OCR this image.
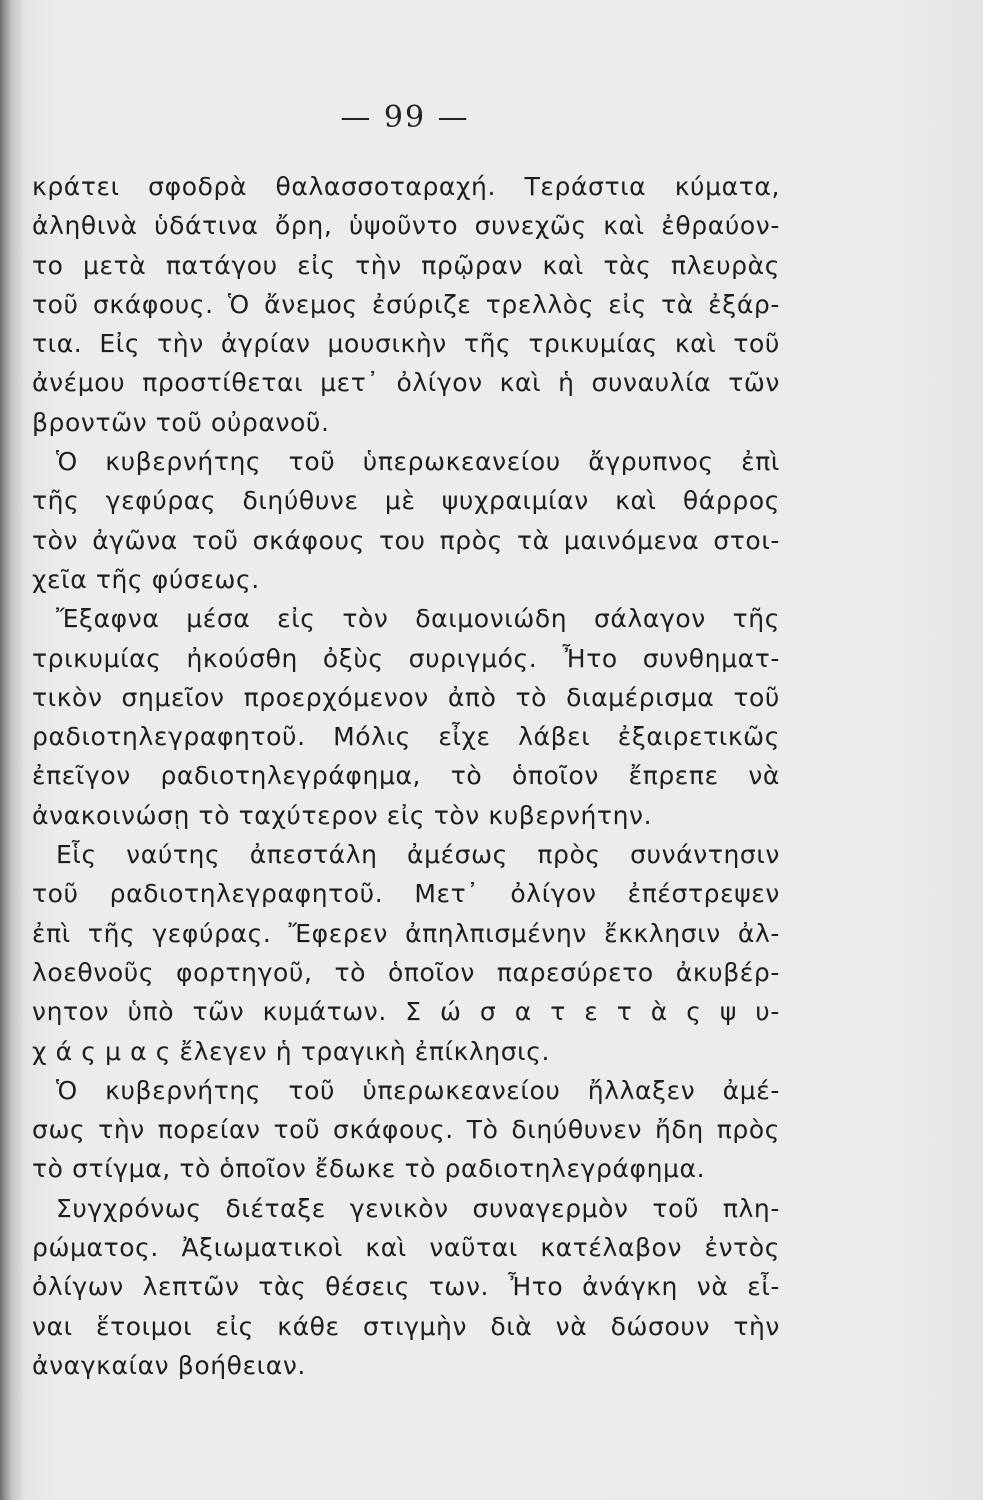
— 99 —
κράτει σφοδρὰ θαλασσοταραχή. Τεράστια κύματα,
ἀληθινὰ ὑδάτινα ὄρη, ὑψοῦντο συνεχῶς καὶ ἐθραύον-
το μετὰ πατάγου εἰς τὴν πρῷραν καὶ τὰς πλευρὰς
τοῦ σκάφους. Ὁ ἄνεμος ἐσύριζε τρελλὸς εἰς τὰ ἐξάρ-
τια. Εἰς τὴν ἀγρίαν μουσικὴν τῆς τρικυμίας καὶ τοῦ
ἀνέμου προστίθεται μετ᾽ ὀλίγον καὶ ἡ συναυλία τῶν
βροντῶν τοῦ οὐρανοῦ.
Ὁ κυβερνήτης τοῦ ὑπερωκεανείου ἄγρυπνος ἐπὶ
τῆς γεφύρας διηύθυνε μὲ ψυχραιμίαν καὶ θάρρος
τὸν ἀγῶνα τοῦ σκάφους του πρὸς τὰ μαινόμενα στοι-
χεῖα τῆς φύσεως.
Ἔξαφνα μέσα εἰς τὸν δαιμονιώδη σάλαγον τῆς
τρικυμίας ἠκούσθη ὀξὺς συριγμός. Ἦτο συνθηματ-
τικὸν σημεῖον προερχόμενον ἀπὸ τὸ διαμέρισμα τοῦ
ραδιοτηλεγραφητοῦ. Μόλις εἶχε λάβει ἐξαιρετικῶς
ἐπεῖγον ραδιοτηλεγράφημα, τὸ ὁποῖον ἔπρεπε νὰ
ἀνακοινώσῃ τὸ ταχύτερον εἰς τὸν κυβερνήτην.
Εἷς ναύτης ἀπεστάλη ἀμέσως πρὸς συνάντησιν
τοῦ ραδιοτηλεγραφητοῦ. Μετ᾽ ὀλίγον ἐπέστρεψεν
ἐπὶ τῆς γεφύρας. Ἔφερεν ἀπηλπισμένην ἔκκλησιν ἀλ-
λοεθνοῦς φορτηγοῦ, τὸ ὁποῖον παρεσύρετο ἀκυβέρ-
νητον ὑπὸ τῶν κυμάτων. Σ ώ σ α τ ε τ ὰ ς ψ υ-
χ ά ς μ α ς ἔλεγεν ἡ τραγικὴ ἐπίκλησις.
Ὁ κυβερνήτης τοῦ ὑπερωκεανείου ἤλλαξεν ἀμέ-
σως τὴν πορείαν τοῦ σκάφους. Τὸ διηύθυνεν ἤδη πρὸς
τὸ στίγμα, τὸ ὁποῖον ἔδωκε τὸ ραδιοτηλεγράφημα.
Συγχρόνως διέταξε γενικὸν συναγερμὸν τοῦ πλη-
ρώματος. Ἀξιωματικοὶ καὶ ναῦται κατέλαβον ἐντὸς
ὀλίγων λεπτῶν τὰς θέσεις των. Ἦτο ἀνάγκη νὰ εἶ-
ναι ἕτοιμοι εἰς κάθε στιγμὴν διὰ νὰ δώσουν τὴν
ἀναγκαίαν βοήθειαν.
